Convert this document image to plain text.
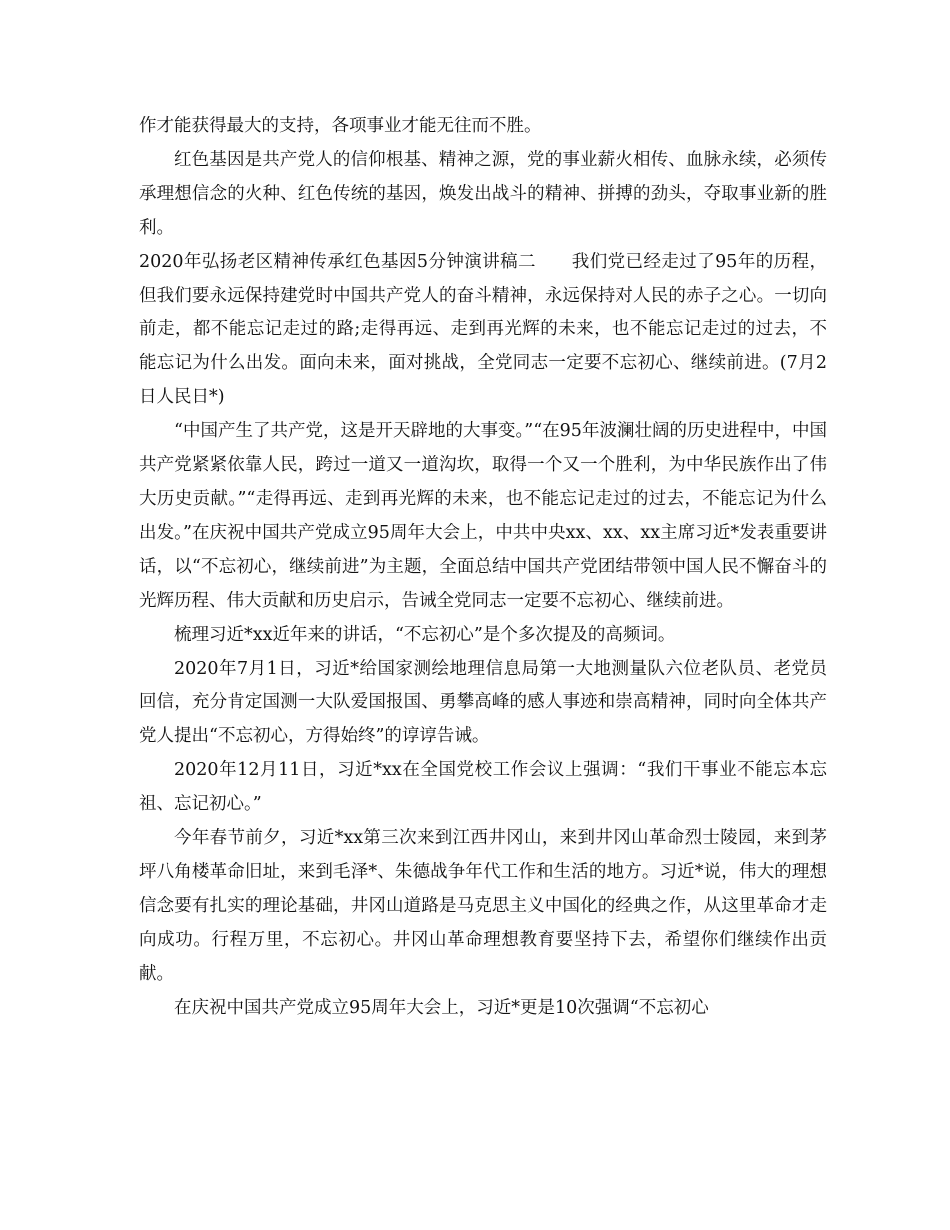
作才能获得最大的支持，各项事业才能无往而不胜。

红色基因是共产党人的信仰根基、精神之源，党的事业薪火相传、血脉永续，必须传承理想信念的火种、红色传统的基因，焕发出战斗的精神、拼搏的劲头，夺取事业新的胜利。

2020年弘扬老区精神传承红色基因5分钟演讲稿二　　我们党已经走过了95年的历程，但我们要永远保持建党时中国共产党人的奋斗精神，永远保持对人民的赤子之心。一切向前走，都不能忘记走过的路;走得再远、走到再光辉的未来，也不能忘记走过的过去，不能忘记为什么出发。面向未来，面对挑战，全党同志一定要不忘初心、继续前进。(7月2日人民日*)

“中国产生了共产党，这是开天辟地的大事变。”“在95年波澜壮阔的历史进程中，中国共产党紧紧依靠人民，跨过一道又一道沟坎，取得一个又一个胜利，为中华民族作出了伟大历史贡献。”“走得再远、走到再光辉的未来，也不能忘记走过的过去，不能忘记为什么出发。”在庆祝中国共产党成立95周年大会上，中共中央xx、xx、xx主席习近*发表重要讲话，以“不忘初心，继续前进”为主题，全面总结中国共产党团结带领中国人民不懈奋斗的光辉历程、伟大贡献和历史启示，告诫全党同志一定要不忘初心、继续前进。

梳理习近*xx近年来的讲话，“不忘初心”是个多次提及的高频词。

2020年7月1日，习近*给国家测绘地理信息局第一大地测量队六位老队员、老党员回信，充分肯定国测一大队爱国报国、勇攀高峰的感人事迹和崇高精神，同时向全体共产党人提出“不忘初心，方得始终”的谆谆告诫。

2020年12月11日，习近*xx在全国党校工作会议上强调：“我们干事业不能忘本忘祖、忘记初心。”

今年春节前夕，习近*xx第三次来到江西井冈山，来到井冈山革命烈士陵园，来到茅坪八角楼革命旧址，来到毛泽*、朱德战争年代工作和生活的地方。习近*说，伟大的理想信念要有扎实的理论基础，井冈山道路是马克思主义中国化的经典之作，从这里革命才走向成功。行程万里，不忘初心。井冈山革命理想教育要坚持下去，希望你们继续作出贡献。

在庆祝中国共产党成立95周年大会上，习近*更是10次强调“不忘初心
